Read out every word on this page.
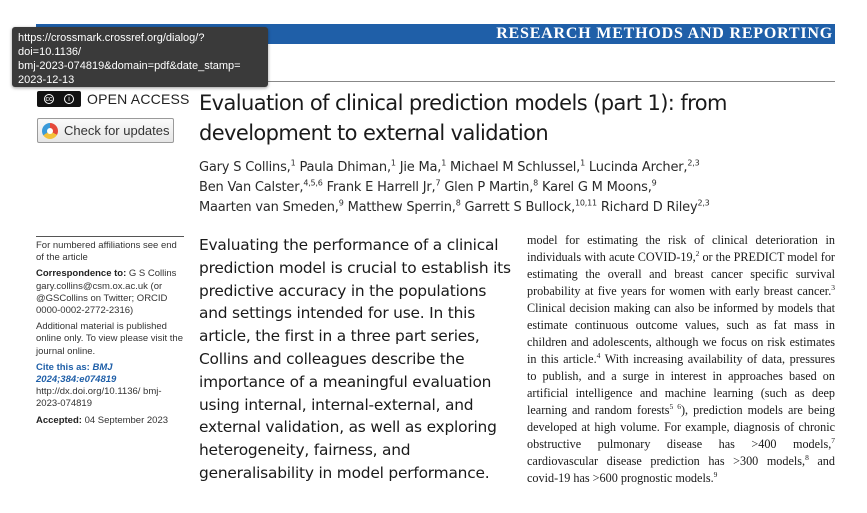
RESEARCH METHODS AND REPORTING
cc	i	OPEN ACCESS
Check for updates
https://crossmark.crossref.org/dialog/?
doi=10.1136/
bmj-2023-074819&domain=pdf&date_stamp=
2023-12-13
Evaluation of clinical prediction models (part 1): from development to external validation
Gary S Collins,$^1$ Paula Dhiman,$^1$ Jie Ma,$^1$ Michael M Schlussel,$^1$ Lucinda Archer,$^{2,3}$
Ben Van Calster,$^{4,5,6}$ Frank E Harrell Jr,$^7$ Glen P Martin,$^8$ Karel G M Moons,$^9$
Maarten van Smeden,$^9$ Matthew Sperrin,$^8$ Garrett S Bullock,$^{10,11}$ Richard D Riley$^{2,3}$

For numbered affiliations see end of the article

Correspondence to: G S Collins gary.collins@csm.ox.ac.uk (or @GSCollins on Twitter; ORCID 0000-0002-2772-2316)

Additional material is published online only. To view please visit the journal online.

Cite this as: BMJ 2024;384:e074819
http://dx.doi.org/10.1136/ bmj-2023-074819

Accepted: 04 September 2023

Evaluating the performance of a clinical prediction model is crucial to establish its predictive accuracy in the populations and settings intended for use. In this article, the first in a three part series, Collins and colleagues describe the importance of a meaningful evaluation using internal, internal-external, and external validation, as well as exploring heterogeneity, fairness, and generalisability in model performance.
model for estimating the risk of clinical deterioration in individuals with acute COVID-19,$^2$ or the PREDICT model for estimating the overall and breast cancer specific survival probability at five years for women with early breast cancer.$^3$ Clinical decision making can also be informed by models that estimate continuous outcome values, such as fat mass in children and adolescents, although we focus on risk estimates in this article.$^4$ With increasing availability of data, pressures to publish, and a surge in interest in approaches based on artificial intelligence and machine learning (such as deep learning and random forests$^{5 6}$), prediction models are being developed at high volume. For example, diagnosis of chronic obstructive pulmonary disease has >400 models,$^7$ cardiovascular disease prediction has >300 models,$^8$ and covid-19 has >600 prognostic models.$^9$
